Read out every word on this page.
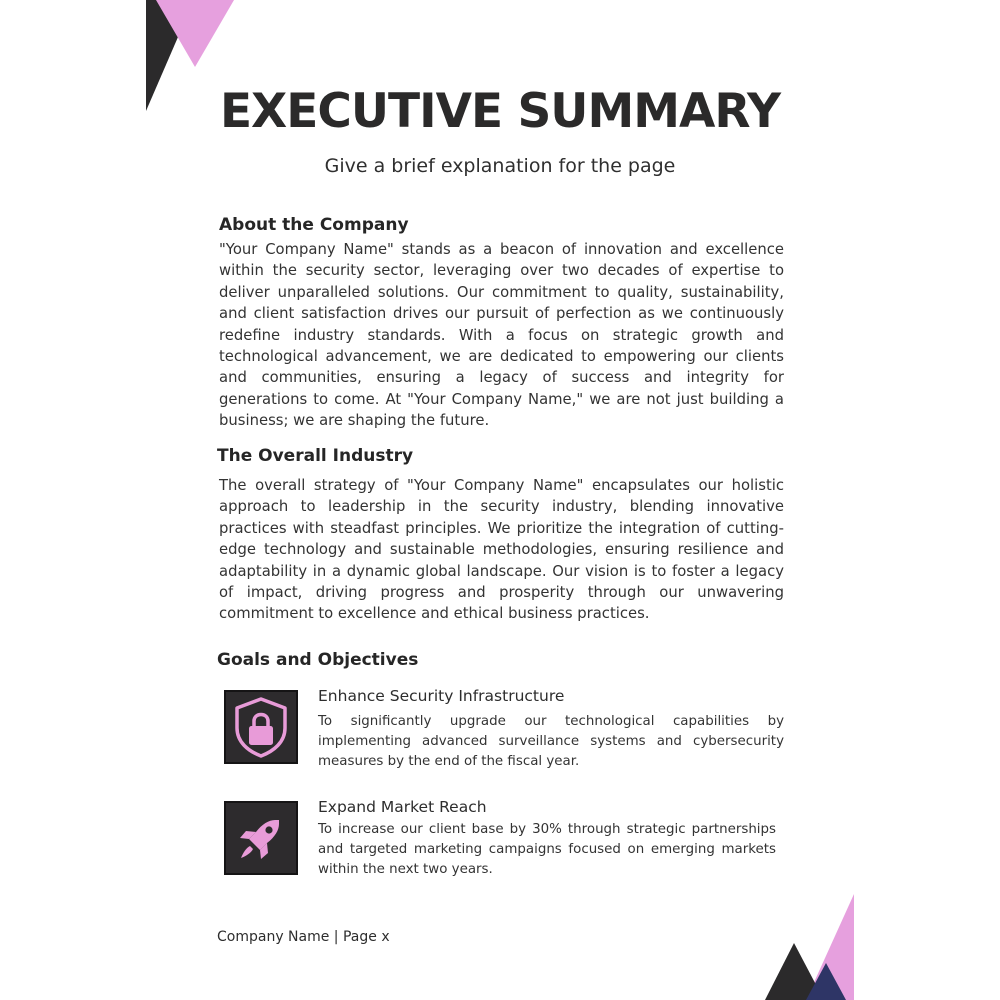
EXECUTIVE SUMMARY
Give a brief explanation for the page
About the Company

"Your Company Name" stands as a beacon of innovation and excellence within the security sector, leveraging over two decades of expertise to deliver unparalleled solutions. Our commitment to quality, sustainability, and client satisfaction drives our pursuit of perfection as we continuously redefine industry standards. With a focus on strategic growth and technological advancement, we are dedicated to empowering our clients and communities, ensuring a legacy of success and integrity for generations to come. At "Your Company Name," we are not just building a business; we are shaping the future.

The Overall Industry

The overall strategy of "Your Company Name" encapsulates our holistic approach to leadership in the security industry, blending innovative practices with steadfast principles. We prioritize the integration of cutting-edge technology and sustainable methodologies, ensuring resilience and adaptability in a dynamic global landscape. Our vision is to foster a legacy of impact, driving progress and prosperity through our unwavering commitment to excellence and ethical business practices.

Goals and Objectives
Enhance Security Infrastructure

To significantly upgrade our technological capabilities by implementing advanced surveillance systems and cybersecurity measures by the end of the fiscal year.

Expand Market Reach

To increase our client base by 30% through strategic partnerships and targeted marketing campaigns focused on emerging markets within the next two years.

Company Name | Page x
